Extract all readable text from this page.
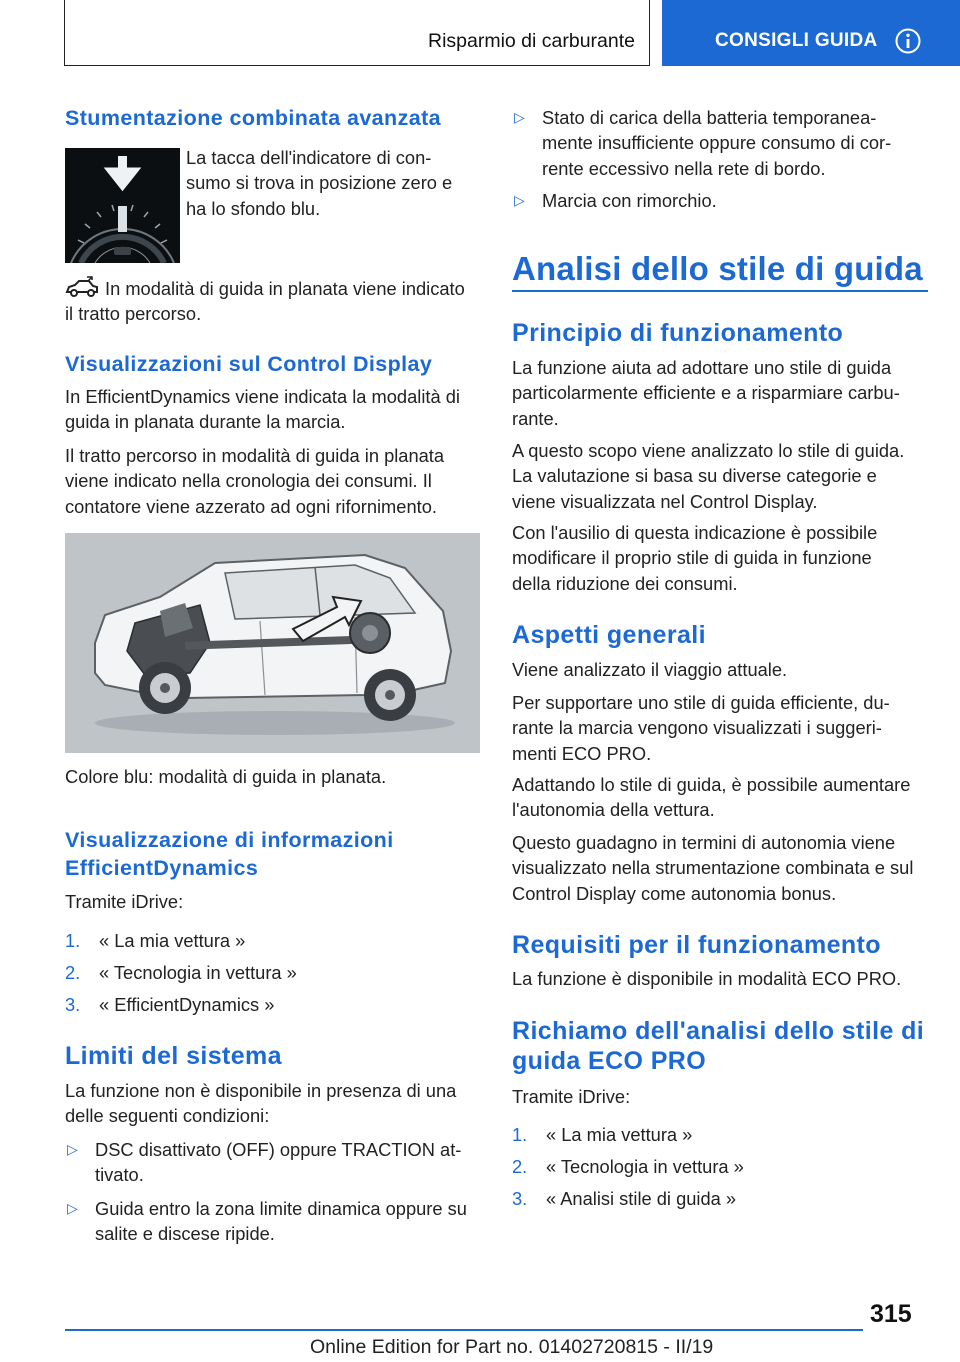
Risparmio di carburante	CONSIGLI GUIDA
Stumentazione combinata avanzata
La tacca dell'indicatore di con-
sumo si trova in posizione zero e
ha lo sfondo blu.
In modalità di guida in planata viene indicato
il tratto percorso.
Visualizzazioni sul Control Display
In EfficientDynamics viene indicata la modalità di
guida in planata durante la marcia.
Il tratto percorso in modalità di guida in planata
viene indicato nella cronologia dei consumi. Il
contatore viene azzerato ad ogni rifornimento.
Colore blu: modalità di guida in planata.
Visualizzazione di informazioni
EfficientDynamics
Tramite iDrive:
1.	« La mia vettura »
2.	« Tecnologia in vettura »
3.	« EfficientDynamics »
Limiti del sistema
La funzione non è disponibile in presenza di una
delle seguenti condizioni:
▷ DSC disattivato (OFF) oppure TRACTION at-
tivato.
▷ Guida entro la zona limite dinamica oppure su
salite e discese ripide.
▷ Stato di carica della batteria temporanea-
mente insufficiente oppure consumo di cor-
rente eccessivo nella rete di bordo.
▷ Marcia con rimorchio.
Analisi dello stile di guida
Principio di funzionamento
La funzione aiuta ad adottare uno stile di guida
particolarmente efficiente e a risparmiare carbu-
rante.
A questo scopo viene analizzato lo stile di guida.
La valutazione si basa su diverse categorie e
viene visualizzata nel Control Display.
Con l'ausilio di questa indicazione è possibile
modificare il proprio stile di guida in funzione
della riduzione dei consumi.
Aspetti generali
Viene analizzato il viaggio attuale.
Per supportare uno stile di guida efficiente, du-
rante la marcia vengono visualizzati i suggeri-
menti ECO PRO.
Adattando lo stile di guida, è possibile aumentare
l'autonomia della vettura.
Questo guadagno in termini di autonomia viene
visualizzato nella strumentazione combinata e sul
Control Display come autonomia bonus.
Requisiti per il funzionamento
La funzione è disponibile in modalità ECO PRO.
Richiamo dell'analisi dello stile di
guida ECO PRO
Tramite iDrive:
1.	« La mia vettura »
2.	« Tecnologia in vettura »
3.	« Analisi stile di guida »
315
Online Edition for Part no. 01402720815 - II/19
